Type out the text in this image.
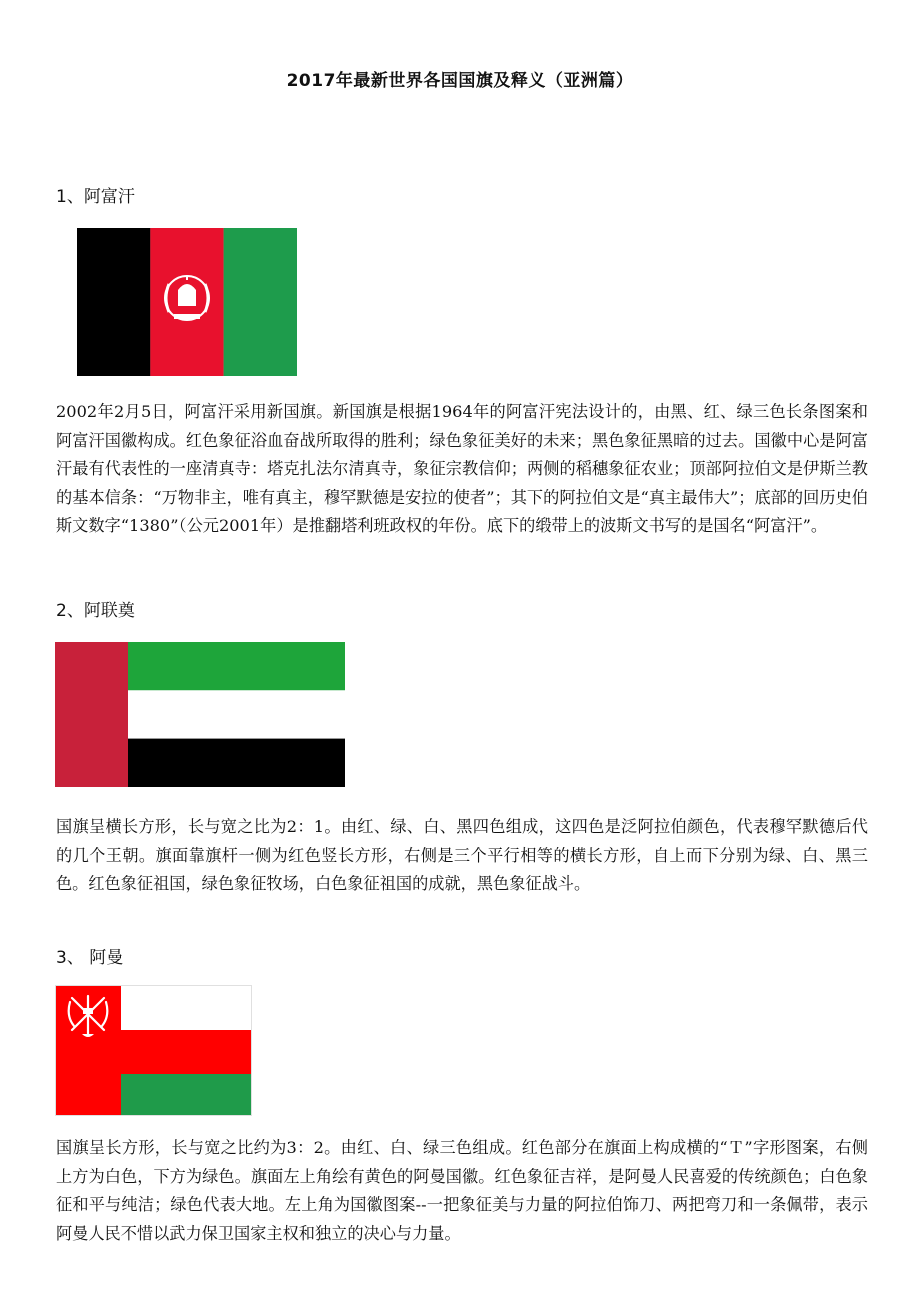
2017年最新世界各国国旗及释义（亚洲篇）
1、阿富汗
2002年2月5日，阿富汗采用新国旗。新国旗是根据1964年的阿富汗宪法设计的，由黑、红、绿三色长条图案和阿富汗国徽构成。红色象征浴血奋战所取得的胜利；绿色象征美好的未来；黑色象征黑暗的过去。国徽中心是阿富汗最有代表性的一座清真寺：塔克扎法尔清真寺，象征宗教信仰；两侧的稻穗象征农业；顶部阿拉伯文是伊斯兰教的基本信条：“万物非主，唯有真主，穆罕默德是安拉的使者”；其下的阿拉伯文是“真主最伟大”；底部的回历史伯斯文数字“1380”（公元2001年）是推翻塔利班政权的年份。底下的缎带上的波斯文书写的是国名“阿富汗”。
2、阿联奠
国旗呈横长方形，长与宽之比为2：1。由红、绿、白、黑四色组成，这四色是泛阿拉伯颜色，代表穆罕默德后代的几个王朝。旗面靠旗杆一侧为红色竖长方形，右侧是三个平行相等的横长方形，自上而下分别为绿、白、黑三色。红色象征祖国，绿色象征牧场，白色象征祖国的成就，黑色象征战斗。
3、 阿曼
国旗呈长方形，长与宽之比约为3：2。由红、白、绿三色组成。红色部分在旗面上构成横的“Ｔ”字形图案，右侧上方为白色，下方为绿色。旗面左上角绘有黄色的阿曼国徽。红色象征吉祥，是阿曼人民喜爱的传统颜色；白色象征和平与纯洁；绿色代表大地。左上角为国徽图案--一把象征美与力量的阿拉伯饰刀、两把弯刀和一条佩带，表示阿曼人民不惜以武力保卫国家主权和独立的决心与力量。
